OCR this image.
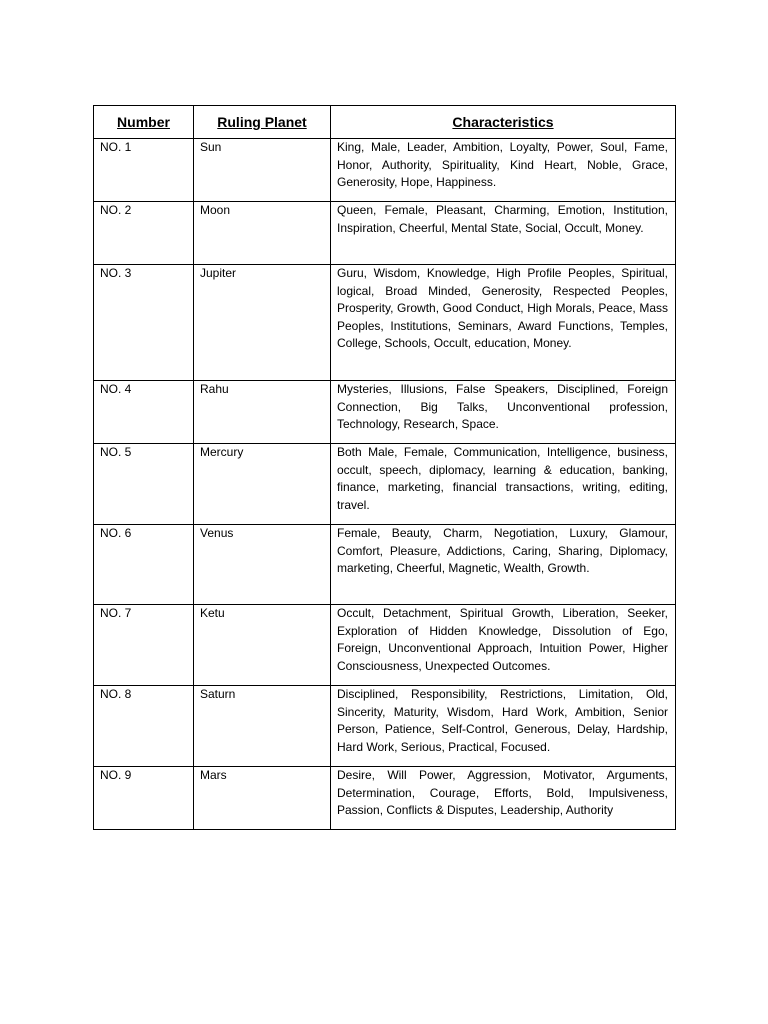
Number	Ruling Planet	Characteristics
NO. 1	Sun	King, Male, Leader, Ambition, Loyalty, Power, Soul, Fame, Honor, Authority, Spirituality, Kind Heart, Noble, Grace, Generosity, Hope, Happiness.
NO. 2	Moon	Queen, Female, Pleasant, Charming, Emotion, Institution, Inspiration, Cheerful, Mental State, Social, Occult, Money.
NO. 3	Jupiter	Guru, Wisdom, Knowledge, High Profile Peoples, Spiritual, logical, Broad Minded, Generosity, Respected Peoples, Prosperity, Growth, Good Conduct, High Morals, Peace, Mass Peoples, Institutions, Seminars, Award Functions, Temples, College, Schools, Occult, education, Money.
NO. 4	Rahu	Mysteries, Illusions, False Speakers, Disciplined, Foreign Connection, Big Talks, Unconventional profession, Technology, Research, Space.
NO. 5	Mercury	Both Male, Female, Communication, Intelligence, business, occult, speech, diplomacy, learning & education, banking, finance, marketing, financial transactions, writing, editing, travel.
NO. 6	Venus	Female, Beauty, Charm, Negotiation, Luxury, Glamour, Comfort, Pleasure, Addictions, Caring, Sharing, Diplomacy, marketing, Cheerful, Magnetic, Wealth, Growth.
NO. 7	Ketu	Occult, Detachment, Spiritual Growth, Liberation, Seeker, Exploration of Hidden Knowledge, Dissolution of Ego, Foreign, Unconventional Approach, Intuition Power, Higher Consciousness, Unexpected Outcomes.
NO. 8	Saturn	Disciplined, Responsibility, Restrictions, Limitation, Old, Sincerity, Maturity, Wisdom, Hard Work, Ambition, Senior Person, Patience, Self-Control, Generous, Delay, Hardship, Hard Work, Serious, Practical, Focused.
NO. 9	Mars	Desire, Will Power, Aggression, Motivator, Arguments, Determination, Courage, Efforts, Bold, Impulsiveness, Passion, Conflicts & Disputes, Leadership, Authority
